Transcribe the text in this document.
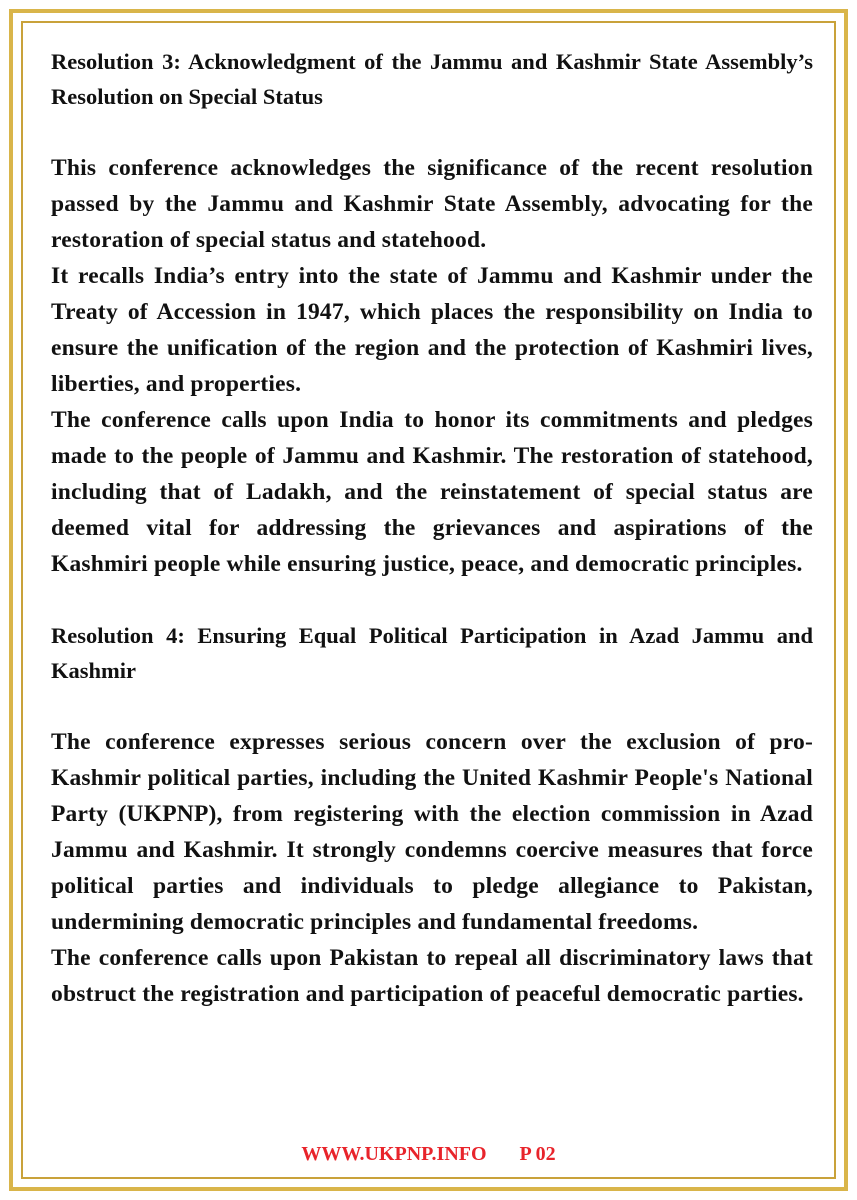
Resolution 3: Acknowledgment of the Jammu and Kashmir State Assembly’s Resolution on Special Status

This conference acknowledges the significance of the recent resolution passed by the Jammu and Kashmir State Assembly, advocating for the restoration of special status and statehood.

It recalls India’s entry into the state of Jammu and Kashmir under the Treaty of Accession in 1947, which places the responsibility on India to ensure the unification of the region and the protection of Kashmiri lives, liberties, and properties.

The conference calls upon India to honor its commitments and pledges made to the people of Jammu and Kashmir. The restoration of statehood, including that of Ladakh, and the reinstatement of special status are deemed vital for addressing the grievances and aspirations of the Kashmiri people while ensuring justice, peace, and democratic principles.

Resolution 4: Ensuring Equal Political Participation in Azad Jammu and Kashmir

The conference expresses serious concern over the exclusion of pro-Kashmir political parties, including the United Kashmir People's National Party (UKPNP), from registering with the election commission in Azad Jammu and Kashmir. It strongly condemns coercive measures that force political parties and individuals to pledge allegiance to Pakistan, undermining democratic principles and fundamental freedoms.

The conference calls upon Pakistan to repeal all discriminatory laws that obstruct the registration and participation of peaceful democratic parties.

WWW.UKPNP.INFO P 02
